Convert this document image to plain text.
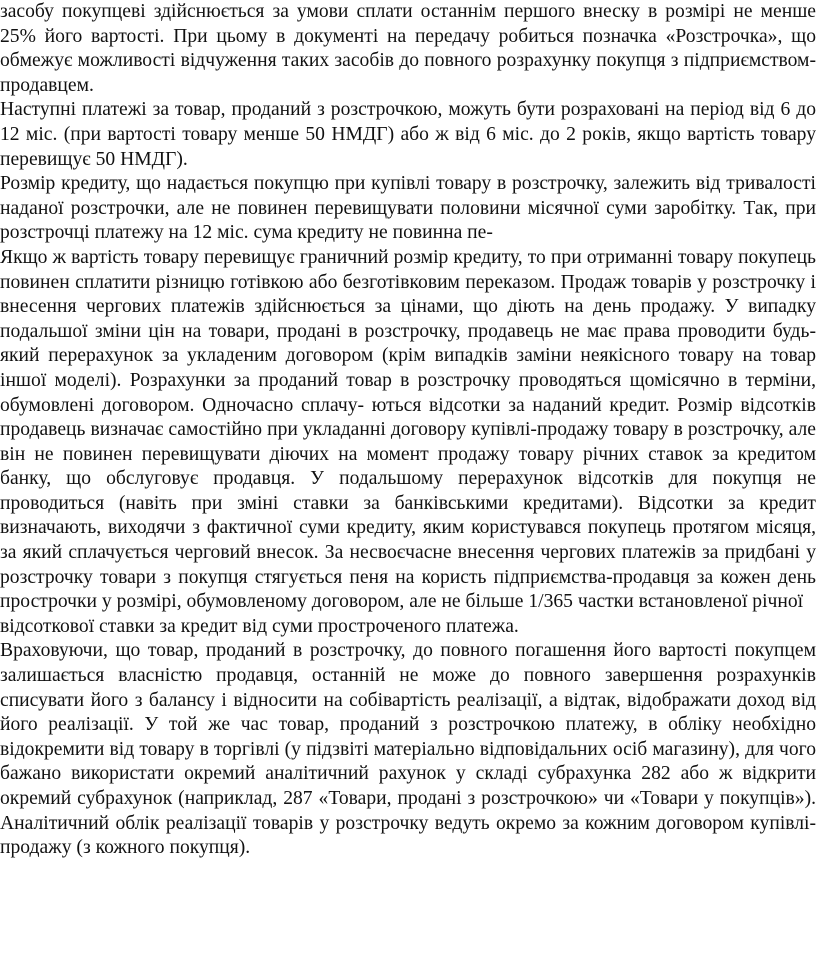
засобу покупцеві здійснюється за умови сплати останнім першого внеску в розмірі не менше 25% його вартості. При цьому в документі на передачу робиться позначка «Розстрочка», що обмежує можливості відчуження таких засобів до повного розрахунку покупця з підприємством-продавцем.

Наступні платежі за товар, проданий з розстрочкою, можуть бути розраховані на період від 6 до 12 міс. (при вартості товару менше 50 НМДГ) або ж від 6 міс. до 2 років, якщо вартість товару перевищує 50 НМДГ).

Розмір кредиту, що надається покупцю при купівлі товару в розстрочку, залежить від тривалості наданої розстрочки, але не повинен перевищувати половини місячної суми заробітку. Так, при розстрочці платежу на 12 міс. сума кредиту не повинна пе-

Якщо ж вартість товару перевищує граничний розмір кредиту, то при отриманні товару покупець повинен сплатити різницю готівкою або безготівковим переказом. Продаж товарів у розстрочку і внесення чергових платежів здійснюється за цінами, що діють на день продажу. У випадку подальшої зміни цін на товари, продані в розстрочку, продавець не має права проводити будь-який перерахунок за укладеним договором (крім випадків заміни неякісного товару на товар іншої моделі). Розрахунки за проданий товар в розстрочку проводяться щомісячно в терміни, обумовлені договором. Одночасно сплачу- ються відсотки за наданий кредит. Розмір відсотків продавець визначає самостійно при укладанні договору купівлі-продажу товару в розстрочку, але він не повинен перевищувати діючих на момент продажу товару річних ставок за кредитом банку, що обслуговує продавця. У подальшому перерахунок відсотків для покупця не проводиться (навіть при зміні ставки за банківськими кредитами). Відсотки за кредит визначають, виходячи з фактичної суми кредиту, яким користувався покупець протягом місяця, за який сплачується черговий внесок. За несвоєчасне внесення чергових платежів за придбані у розстрочку товари з покупця стягується пеня на користь підприємства-продавця за кожен день прострочки у розмірі, обумовленому договором, але не більше 1/365 частки встановленої річної

відсоткової ставки за кредит від суми простроченого платежа.

Враховуючи, що товар, проданий в розстрочку, до повного погашення його вартості покупцем залишається власністю продавця, останній не може до повного завершення розрахунків списувати його з балансу і відносити на собівартість реалізації, а відтак, відображати доход від його реалізації. У той же час товар, проданий з розстрочкою платежу, в обліку необхідно відокремити від товару в торгівлі (у підзвіті матеріально відповідальних осіб магазину), для чого бажано використати окремий аналітичний рахунок у складі субрахунка 282 або ж відкрити окремий субрахунок (наприклад, 287 «Товари, продані з розстрочкою» чи «Товари у покупців»). Аналітичний облік реалізації товарів у розстрочку ведуть окремо за кожним договором купівлі-продажу (з кожного покупця).
